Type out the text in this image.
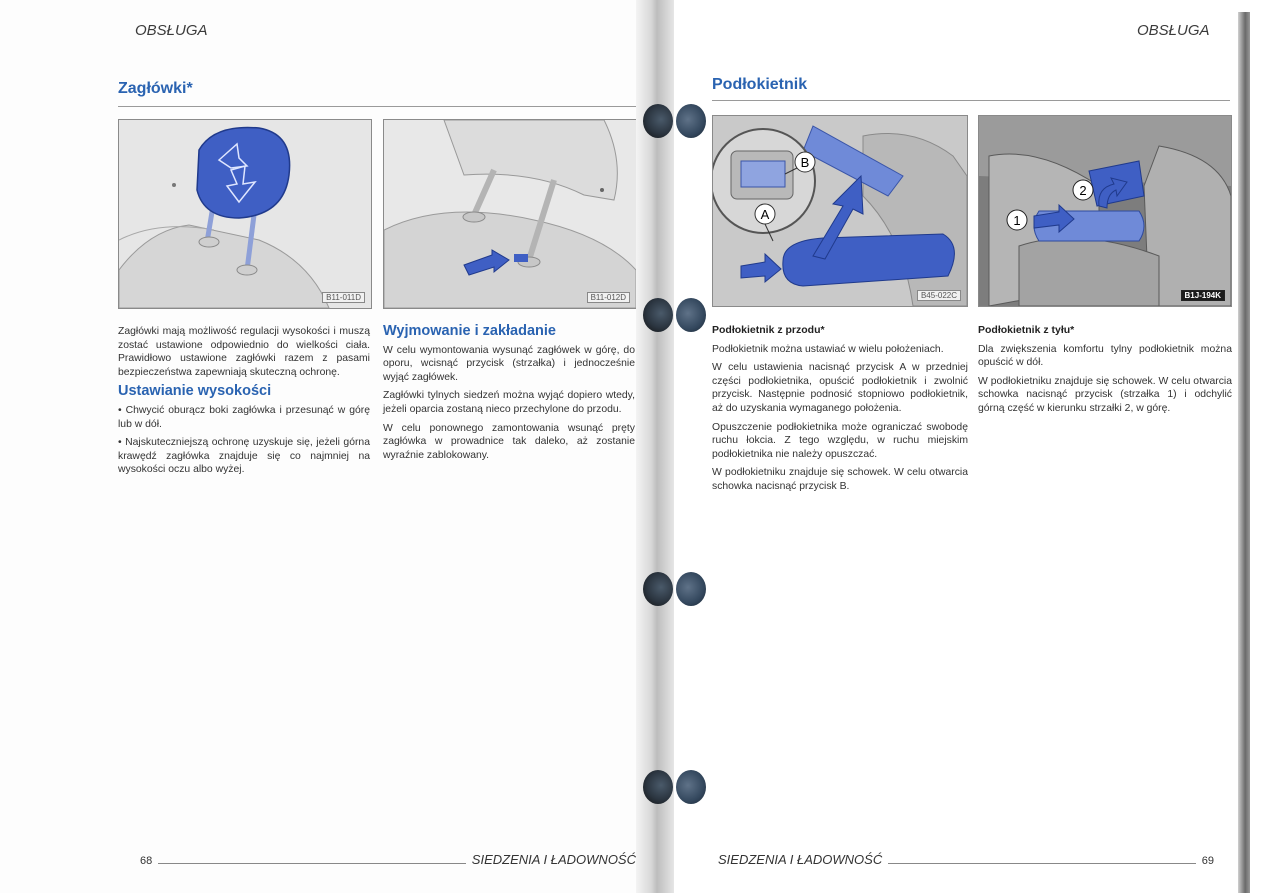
OBSŁUGA
Zagłówki*
B11-011D	B11-012D

Zagłówki mają możliwość regulacji wysokości i muszą zostać ustawione odpowiednio do wielkości ciała. Prawidłowo ustawione zagłówki razem z pasami bezpieczeństwa zapewniają skuteczną ochronę.

Ustawianie wysokości

• Chwycić oburącz boki zagłówka i przesunąć w górę lub w dół.

• Najskuteczniejszą ochronę uzyskuje się, jeżeli górna krawędź zagłówka znajduje się co najmniej na wysokości oczu albo wyżej.

Wyjmowanie i zakładanie

W celu wymontowania wysunąć zagłówek w górę, do oporu, wcisnąć przycisk (strzałka) i jednocześnie wyjąć zagłówek.

Zagłówki tylnych siedzeń można wyjąć dopiero wtedy, jeżeli oparcia zostaną nieco przechylone do przodu.

W celu ponownego zamontowania wsunąć pręty zagłówka w prowadnice tak daleko, aż zostanie wyraźnie zablokowany.

68	SIEDZENIA I ŁADOWNOŚĆ
OBSŁUGA
Podłokietnik
B
A
B45-022C
1
2
B1J-194K
Podłokietnik z przodu*

Podłokietnik można ustawiać w wielu położeniach.

W celu ustawienia nacisnąć przycisk A w przedniej części podłokietnika, opuścić podłokietnik i zwolnić przycisk. Następnie podnosić stopniowo podłokietnik, aż do uzyskania wymaganego położenia.

Opuszczenie podłokietnika może ograniczać swobodę ruchu łokcia. Z tego względu, w ruchu miejskim podłokietnika nie należy opuszczać.

W podłokietniku znajduje się schowek. W celu otwarcia schowka nacisnąć przycisk B.

Podłokietnik z tyłu*

Dla zwiększenia komfortu tylny podłokietnik można opuścić w dół.

W podłokietniku znajduje się schowek. W celu otwarcia schowka nacisnąć przycisk (strzałka 1) i odchylić górną część w kierunku strzałki 2, w górę.

SIEDZENIA I ŁADOWNOŚĆ	69
